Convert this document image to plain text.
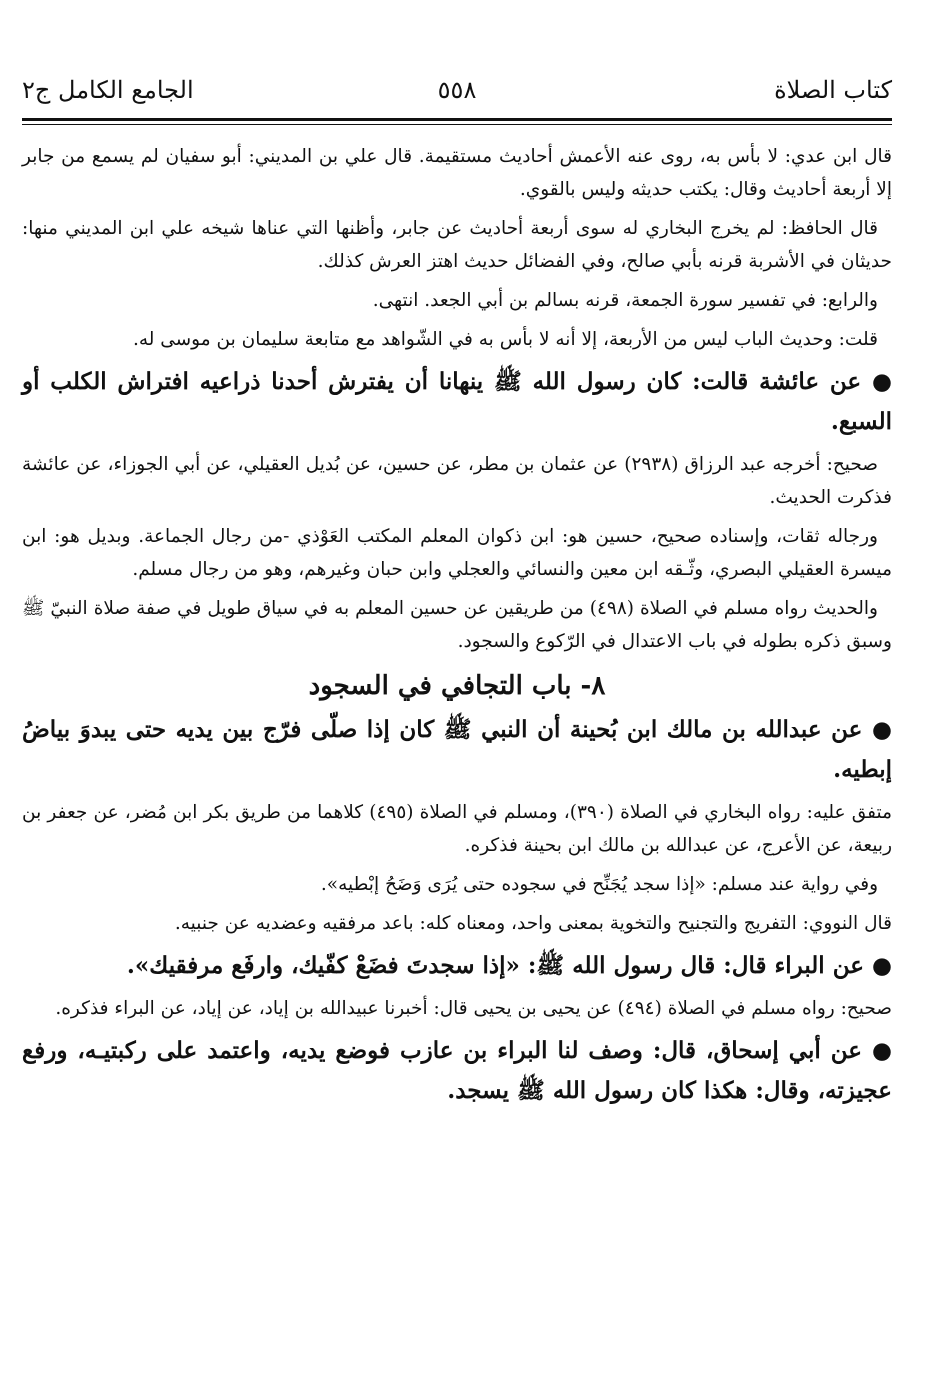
كتاب الصلاة
٥٥٨
الجامع الكامل ج٢

قال ابن عدي: لا بأس به، روى عنه الأعمش أحاديث مستقيمة. قال علي بن المديني: أبو سفيان لم يسمع من جابر إلا أربعة أحاديث وقال: يكتب حديثه وليس بالقوي.

قال الحافظ: لم يخرج البخاري له سوى أربعة أحاديث عن جابر، وأظنها التي عناها شيخه علي ابن المديني منها: حديثان في الأشربة قرنه بأبي صالح، وفي الفضائل حديث اهتز العرش كذلك.

والرابع: في تفسير سورة الجمعة، قرنه بسالم بن أبي الجعد. انتهى.

قلت: وحديث الباب ليس من الأربعة، إلا أنه لا بأس به في الشّواهد مع متابعة سليمان بن موسى له.

● عن عائشة قالت: كان رسول الله ﷺ ينهانا أن يفترش أحدنا ذراعيه افتراش الكلب أو السبع.

صحيح: أخرجه عبد الرزاق (٢٩٣٨) عن عثمان بن مطر، عن حسين، عن بُديل العقيلي، عن أبي الجوزاء، عن عائشة فذكرت الحديث.

ورجاله ثقات، وإسناده صحيح، حسين هو: ابن ذكوان المعلم المكتب العَوْذي -من رجال الجماعة. وبديل هو: ابن ميسرة العقيلي البصري، وثّـقه ابن معين والنسائي والعجلي وابن حبان وغيرهم، وهو من رجال مسلم.

والحديث رواه مسلم في الصلاة (٤٩٨) من طريقين عن حسين المعلم به في سياق طويل في صفة صلاة النبيّ ﷺ وسبق ذكره بطوله في باب الاعتدال في الرّكوع والسجود.

٨- باب التجافي في السجود

● عن عبدالله بن مالك ابن بُحينة أن النبي ﷺ كان إذا صلّى فرّج بين يديه حتى يبدوَ بياضُ إبطيه.

متفق عليه: رواه البخاري في الصلاة (٣٩٠)، ومسلم في الصلاة (٤٩٥) كلاهما من طريق بكر ابن مُضر، عن جعفر بن ربيعة، عن الأعرج، عن عبدالله بن مالك ابن بحينة فذكره.

وفي رواية عند مسلم: «إذا سجد يُجَنِّح في سجوده حتى يُرَى وَضَحُ إبْطيه».

قال النووي: التفريج والتجنيح والتخوية بمعنى واحد، ومعناه كله: باعد مرفقيه وعضديه عن جنبيه.

● عن البراء قال: قال رسول الله ﷺ: «إذا سجدتَ فضَعْ كفّيك، وارفَع مرفقيك».

صحيح: رواه مسلم في الصلاة (٤٩٤) عن يحيى بن يحيى قال: أخبرنا عبيدالله بن إياد، عن إياد، عن البراء فذكره.

● عن أبي إسحاق، قال: وصف لنا البراء بن عازب فوضع يديه، واعتمد على ركبتيـه، ورفع عجيزته، وقال: هكذا كان رسول الله ﷺ يسجد.
